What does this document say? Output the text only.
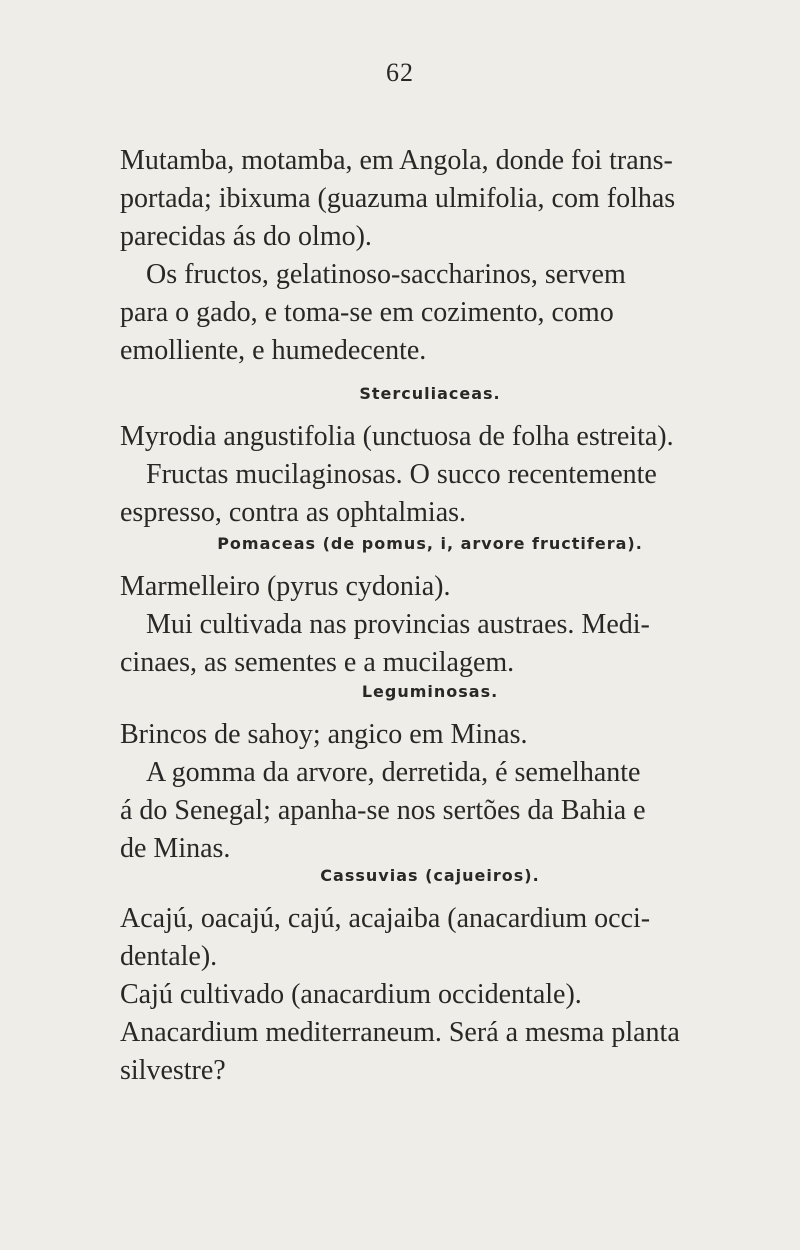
62
Mutamba, motamba, em Angola, donde foi trans-
portada; ibixuma (guazuma ulmifolia, com folhas
parecidas ás do olmo).
Os fructos, gelatinoso-saccharinos, servem
para o gado, e toma-se em cozimento, como
emolliente, e humedecente.
Sterculiaceas.
Myrodia angustifolia (unctuosa de folha estreita).
Fructas mucilaginosas. O succo recentemente
espresso, contra as ophtalmias.
Pomaceas (de pomus, i, arvore fructifera).
Marmelleiro (pyrus cydonia).
Mui cultivada nas provincias austraes. Medi-
cinaes, as sementes e a mucilagem.
Leguminosas.
Brincos de sahoy; angico em Minas.
A gomma da arvore, derretida, é semelhante
á do Senegal; apanha-se nos sertões da Bahia e
de Minas.
Cassuvias (cajueiros).
Acajú, oacajú, cajú, acajaiba (anacardium occi-
dentale).
Cajú cultivado (anacardium occidentale).
Anacardium mediterraneum. Será a mesma planta
silvestre?
